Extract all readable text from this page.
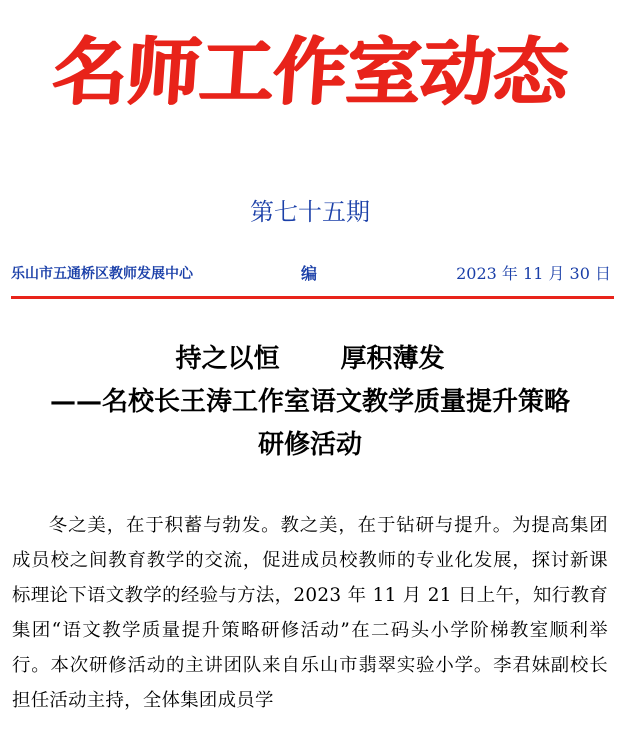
名师工作室动态
第七十五期
乐山市五通桥区教师发展中心	编	2023 年 11 月 30 日
持之以恒　 厚积薄发
——名校长王涛工作室语文教学质量提升策略
研修活动
冬之美，在于积蓄与勃发。教之美，在于钻研与提升。为提高集团成员校之间教育教学的交流，促进成员校教师的专业化发展，探讨新课标理论下语文教学的经验与方法，2023 年 11 月 21 日上午，知行教育集团“语文教学质量提升策略研修活动”在二码头小学阶梯教室顺利举行。本次研修活动的主讲团队来自乐山市翡翠实验小学。李君妹副校长担任活动主持，全体集团成员学
